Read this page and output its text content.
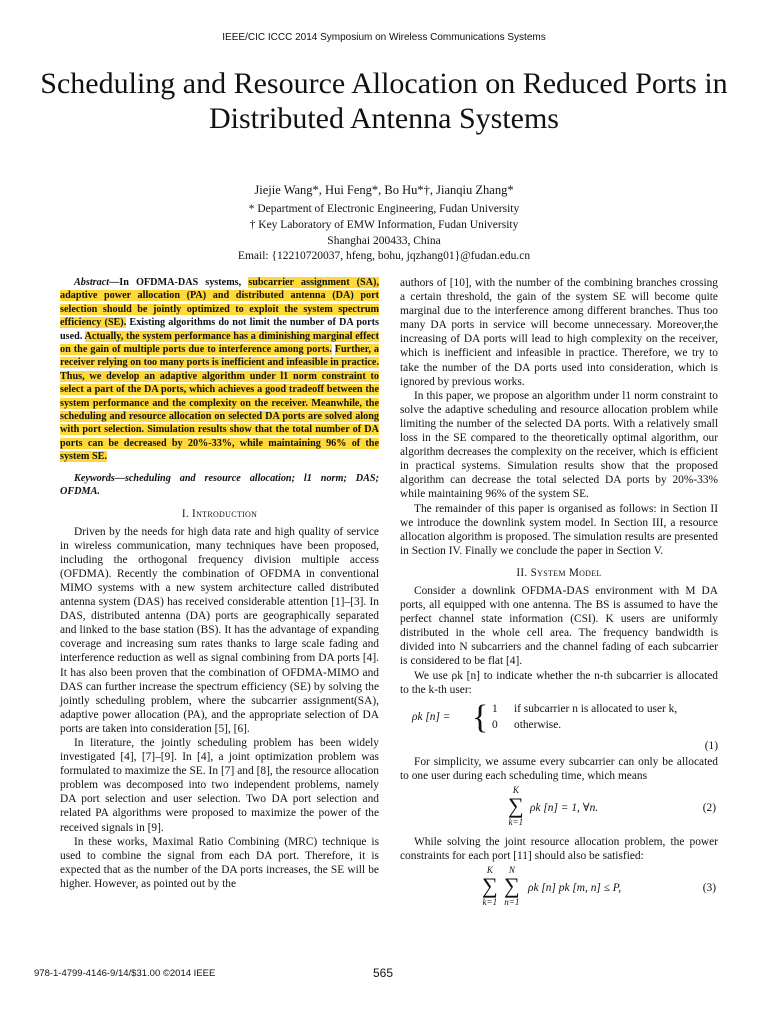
IEEE/CIC ICCC 2014 Symposium on Wireless Communications Systems
Scheduling and Resource Allocation on Reduced Ports in Distributed Antenna Systems
Jiejie Wang*, Hui Feng*, Bo Hu*†, Jianqiu Zhang*
* Department of Electronic Engineering, Fudan University
† Key Laboratory of EMW Information, Fudan University
Shanghai 200433, China
Email: {12210720037, hfeng, bohu, jqzhang01}@fudan.edu.cn

Abstract—In OFDMA-DAS systems, subcarrier assignment (SA), adaptive power allocation (PA) and distributed antenna (DA) port selection should be jointly optimized to exploit the system spectrum efficiency (SE). Existing algorithms do not limit the number of DA ports used. Actually, the system performance has a diminishing marginal effect on the gain of multiple ports due to interference among ports. Further, a receiver relying on too many ports is inefficient and infeasible in practice. Thus, we develop an adaptive algorithm under l1 norm constraint to select a part of the DA ports, which achieves a good tradeoff between the system performance and the complexity on the receiver. Meanwhile, the scheduling and resource allocation on selected DA ports are solved along with port selection. Simulation results show that the total number of DA ports can be decreased by 20%-33%, while maintaining 96% of the system SE.

Keywords—scheduling and resource allocation; l1 norm; DAS; OFDMA.

I. Introduction

Driven by the needs for high data rate and high quality of service in wireless communication, many techniques have been proposed, including the orthogonal frequency division multiple access (OFDMA). Recently the combination of OFDMA in conventional MIMO systems with a new system architecture called distributed antenna system (DAS) has received considerable attention [1]–[3]. In DAS, distributed antenna (DA) ports are geographically separated and linked to the base station (BS). It has the advantage of expanding coverage and increasing sum rates thanks to large scale fading and interference reduction as well as signal combining from DA ports [4]. It has also been proven that the combination of OFDMA-MIMO and DAS can further increase the spectrum efficiency (SE) by solving the jointly scheduling problem, where the subcarrier assignment(SA), adaptive power allocation (PA), and the appropriate selection of DA ports are taken into consideration [5], [6].

In literature, the jointly scheduling problem has been widely investigated [4], [7]–[9]. In [4], a joint optimization problem was formulated to maximize the SE. In [7] and [8], the resource allocation problem was decomposed into two independent problems, namely DA port selection and user selection. Two DA port selection and related PA algorithms were proposed to maximize the power of the received signals in [9].

In these works, Maximal Ratio Combining (MRC) technique is used to combine the signal from each DA port. Therefore, it is expected that as the number of the DA ports increases, the SE will be higher. However, as pointed out by the

authors of [10], with the number of the combining branches crossing a certain threshold, the gain of the system SE will become quite marginal due to the interference among different branches. Thus too many DA ports in service will become unnecessary. Moreover,the increasing of DA ports will lead to high complexity on the receiver, which is inefficient and infeasible in practice. Therefore, we try to take the number of the DA ports used into consideration, which is ignored by previous works.

In this paper, we propose an algorithm under l1 norm constraint to solve the adaptive scheduling and resource allocation problem while limiting the number of the selected DA ports. With a relatively small loss in the SE compared to the theoretically optimal algorithm, our algorithm decreases the complexity on the receiver, which is efficient in practical systems. Simulation results show that the proposed algorithm can decrease the total selected DA ports by 20%-33% while maintaining 96% of the system SE.

The remainder of this paper is organised as follows: in Section II we introduce the downlink system model. In Section III, a resource allocation algorithm is proposed. The simulation results are presented in Section IV. Finally we conclude the paper in Section V.

II. System Model

Consider a downlink OFDMA-DAS environment with M DA ports, all equipped with one antenna. The BS is assumed to have the perfect channel state information (CSI). K users are uniformly distributed in the whole cell area. The frequency bandwidth is divided into N subcarriers and the channel fading of each subcarrier is considered to be flat [4].

We use ρk [n] to indicate whether the n-th subcarrier is allocated to the k-th user:

ρk [n] = { 1 if subcarrier n is allocated to user k,
0 otherwise.
(1)

For simplicity, we assume every subcarrier can only be allocated to one user during each scheduling time, which means

K
∑
k=1
ρk [n] = 1, ∀n.	(2)

While solving the joint resource allocation problem, the power constraints for each port [11] should also be satisfied:

K
∑
k=1
N
∑
n=1
ρk [n] pk [m, n] ≤ P,	(3)
978-1-4799-4146-9/14/$31.00 ©2014 IEEE	565
